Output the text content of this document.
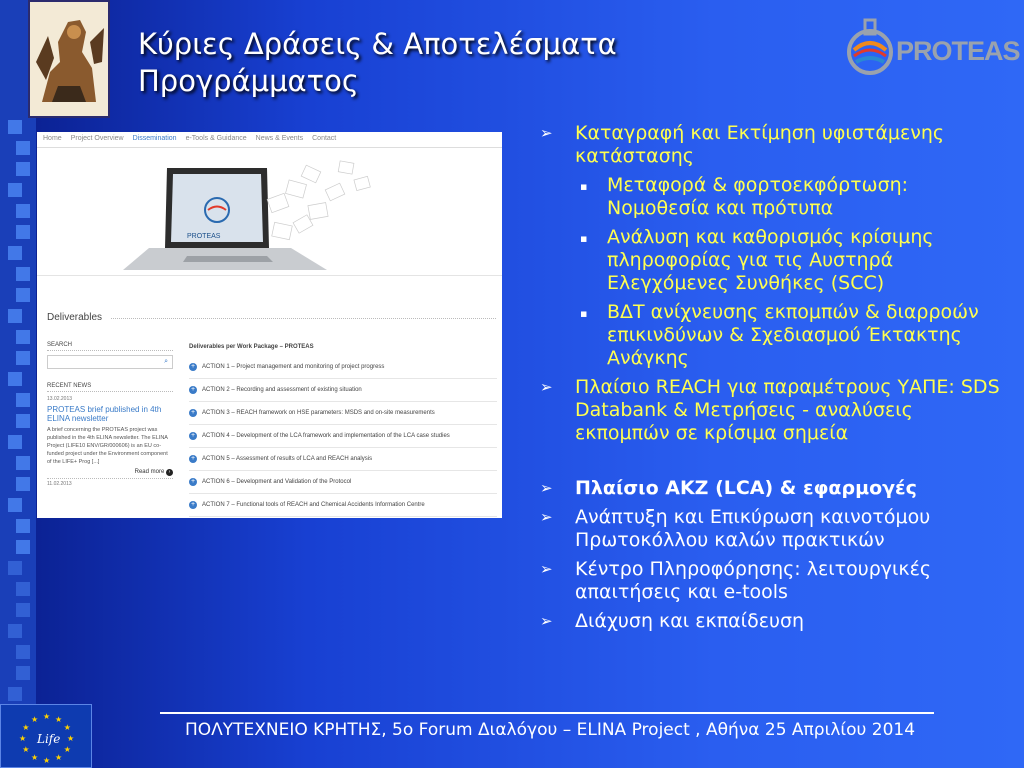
Κύριες Δράσεις & Αποτελέσματα
Προγράμματος
PROTEAS
Home Project Overview Dissemination e-Tools & Guidance News & Events Contact
PROTEAS
Deliverables
SEARCH
⌕
RECENT NEWS
13.02.2013
PROTEAS brief published in 4th ELINA newsletter
A brief concerning the PROTEAS project was published in the 4th ELINA newsletter. The ELINA Project (LIFE10 ENV/GR/000606) is an EU co-funded project under the Environment component of the LIFE+ Prog [...]
Read more ›
11.02.2013
Deliverables per Work Package – PROTEAS
+	ACTION 1 – Project management and monitoring of project progress
+	ACTION 2 – Recording and assessment of existing situation
+	ACTION 3 – REACH framework on HSE parameters: MSDS and on-site measurements
+	ACTION 4 – Development of the LCA framework and implementation of the LCA case studies
+	ACTION 5 – Assessment of results of LCA and REACH analysis
+	ACTION 6 – Development and Validation of the Protocol
+	ACTION 7 – Functional tools of REACH and Chemical Accidents Information Centre
➢ Καταγραφή και Εκτίμηση υφιστάμενης κατάστασης
▪ Μεταφορά & φορτοεκφόρτωση: Νομοθεσία και πρότυπα
▪ Ανάλυση και καθορισμός κρίσιμης πληροφορίας για τις Αυστηρά Ελεγχόμενες Συνθήκες (SCC)
▪ ΒΔΤ ανίχνευσης εκπομπών & διαρροών επικινδύνων & Σχεδιασμού Έκτακτης Ανάγκης
➢ Πλαίσιο REACH για παραμέτρους ΥΑΠΕ: SDS Databank & Μετρήσεις - αναλύσεις εκπομπών σε κρίσιμα σημεία
➢ Πλαίσιο ΑΚΖ (LCA) & εφαρμογές
➢ Ανάπτυξη και Επικύρωση καινοτόμου Πρωτοκόλλου καλών πρακτικών
➢ Κέντρο Πληροφόρησης: λειτουργικές απαιτήσεις και e-tools
➢ Διάχυση και εκπαίδευση
★
★
★
★
★
★
★
★
★ ★ ★
★
Life	ΠΟΛΥΤΕΧΝΕΙΟ ΚΡΗΤΗΣ, 5ο Forum Διαλόγου – ELINA Project , Αθήνα 25 Απριλίου 2014
